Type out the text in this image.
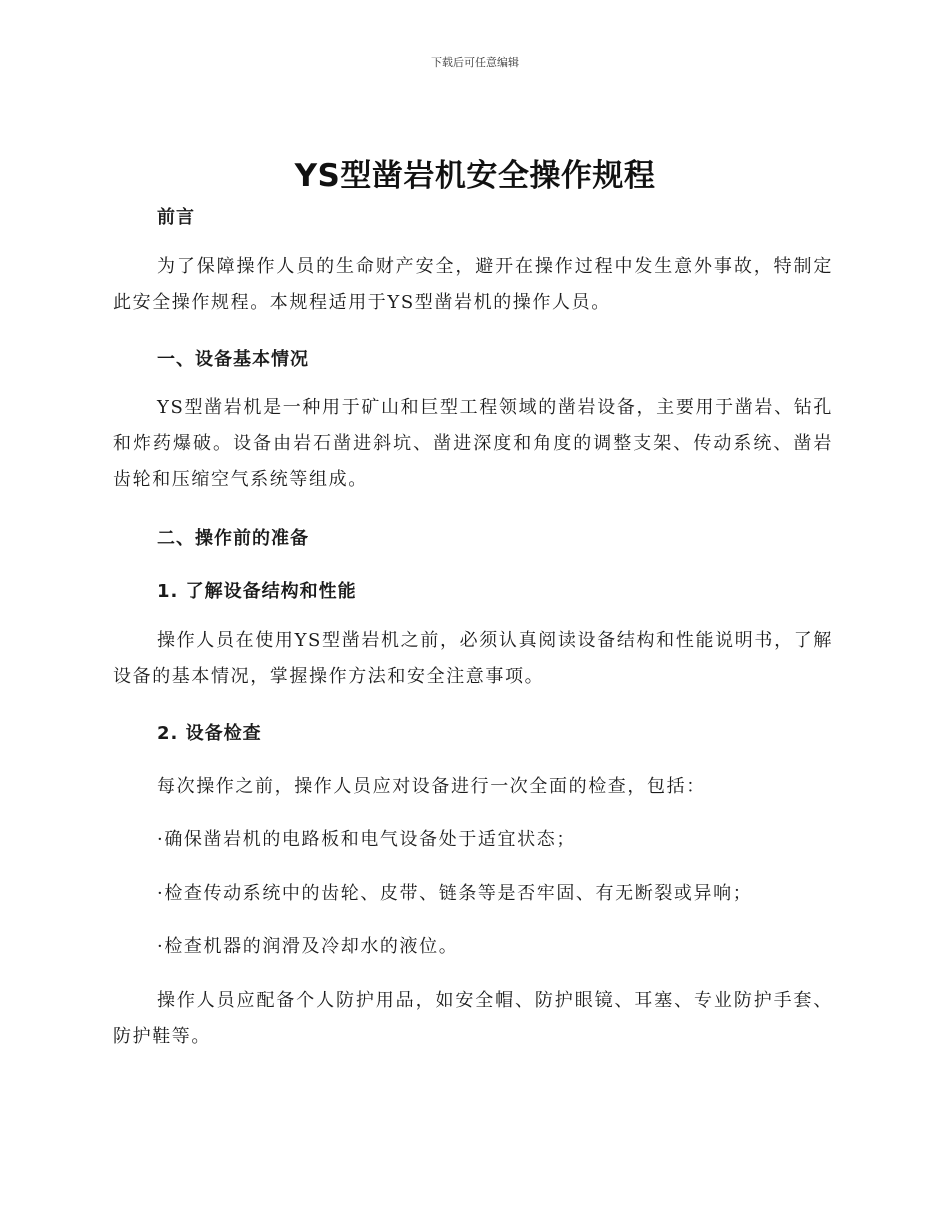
下载后可任意编辑
YS型凿岩机安全操作规程
前言
为了保障操作人员的生命财产安全，避开在操作过程中发生意外事故，特制定此安全操作规程。本规程适用于YS型凿岩机的操作人员。
一、设备基本情况
YS型凿岩机是一种用于矿山和巨型工程领域的凿岩设备，主要用于凿岩、钻孔和炸药爆破。设备由岩石凿进斜坑、凿进深度和角度的调整支架、传动系统、凿岩齿轮和压缩空气系统等组成。
二、操作前的准备
1. 了解设备结构和性能
操作人员在使用YS型凿岩机之前，必须认真阅读设备结构和性能说明书，了解设备的基本情况，掌握操作方法和安全注意事项。
2. 设备检查
每次操作之前，操作人员应对设备进行一次全面的检查，包括：
·确保凿岩机的电路板和电气设备处于适宜状态；
·检查传动系统中的齿轮、皮带、链条等是否牢固、有无断裂或异响；
·检查机器的润滑及冷却水的液位。
操作人员应配备个人防护用品，如安全帽、防护眼镜、耳塞、专业防护手套、防护鞋等。
